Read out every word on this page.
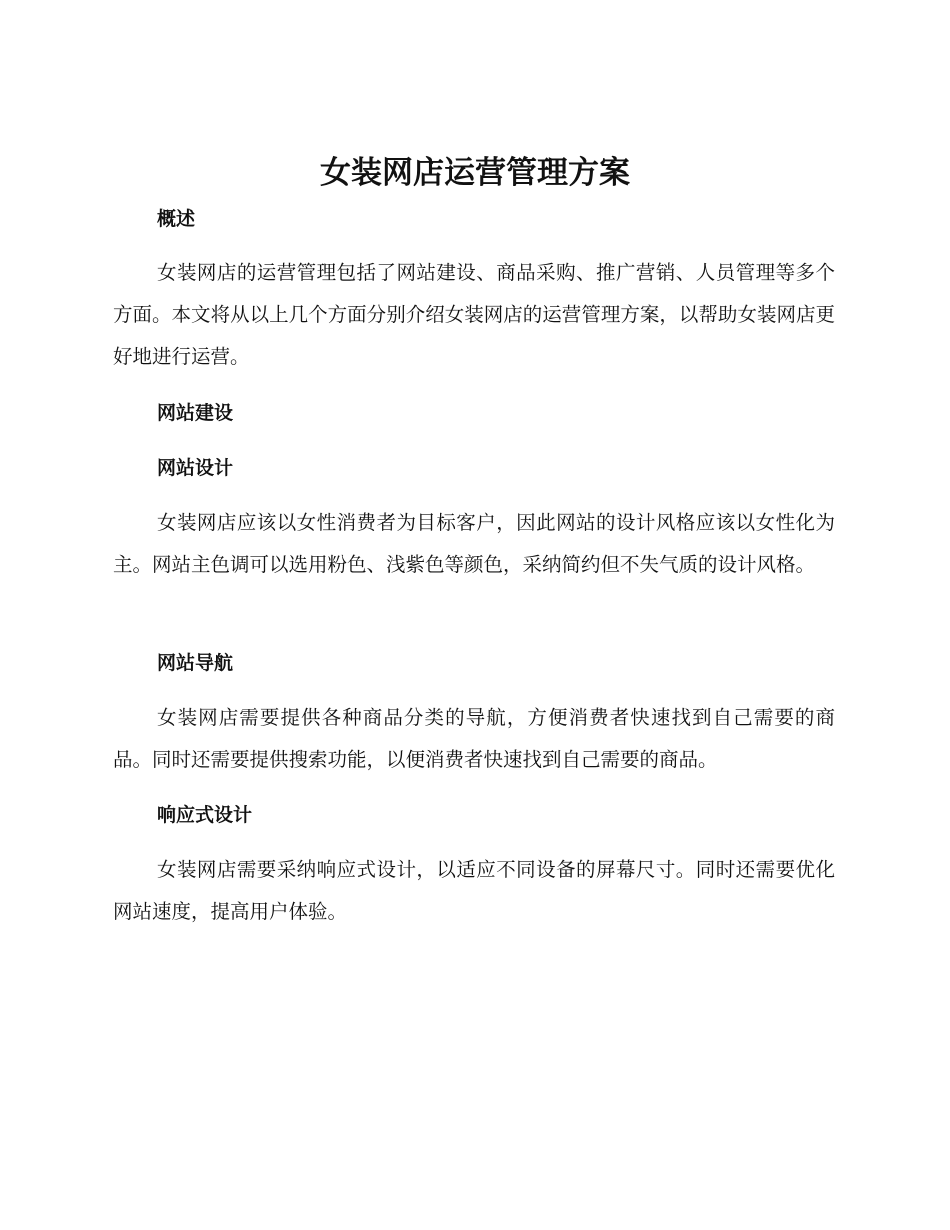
女装网店运营管理方案
概述

女装网店的运营管理包括了网站建设、商品采购、推广营销、人员管理等多个方面。本文将从以上几个方面分别介绍女装网店的运营管理方案，以帮助女装网店更好地进行运营。

网站建设
网站设计

女装网店应该以女性消费者为目标客户，因此网站的设计风格应该以女性化为主。网站主色调可以选用粉色、浅紫色等颜色，采纳简约但不失气质的设计风格。

网站导航

女装网店需要提供各种商品分类的导航，方便消费者快速找到自己需要的商品。同时还需要提供搜索功能，以便消费者快速找到自己需要的商品。

响应式设计

女装网店需要采纳响应式设计，以适应不同设备的屏幕尺寸。同时还需要优化网站速度，提高用户体验。
